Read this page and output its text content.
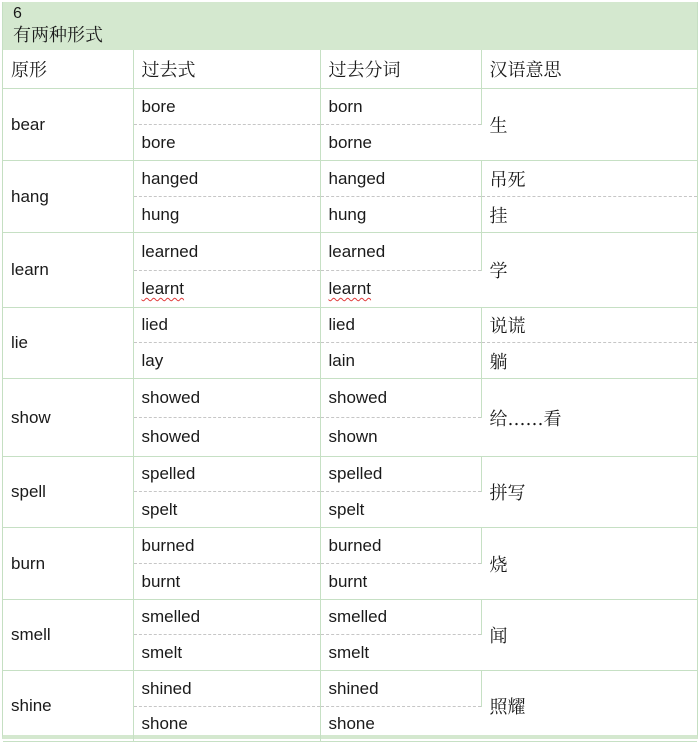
6
有两种形式
原形	过去式	过去分词	汉语意思
bear	bore	born	生
	bore	borne	
hang	hanged	hanged	吊死
	hung	hung	挂
learn	learned	learned	学
	learnt	learnt	
lie	lied	lied	说谎
	lay	lain	躺
show	showed	showed	给……看
	showed	shown	
spell	spelled	spelled	拼写
	spelt	spelt	
burn	burned	burned	烧
	burnt	burnt	
smell	smelled	smelled	闻
	smelt	smelt	
shine	shined	shined	照耀
	shone	shone	
